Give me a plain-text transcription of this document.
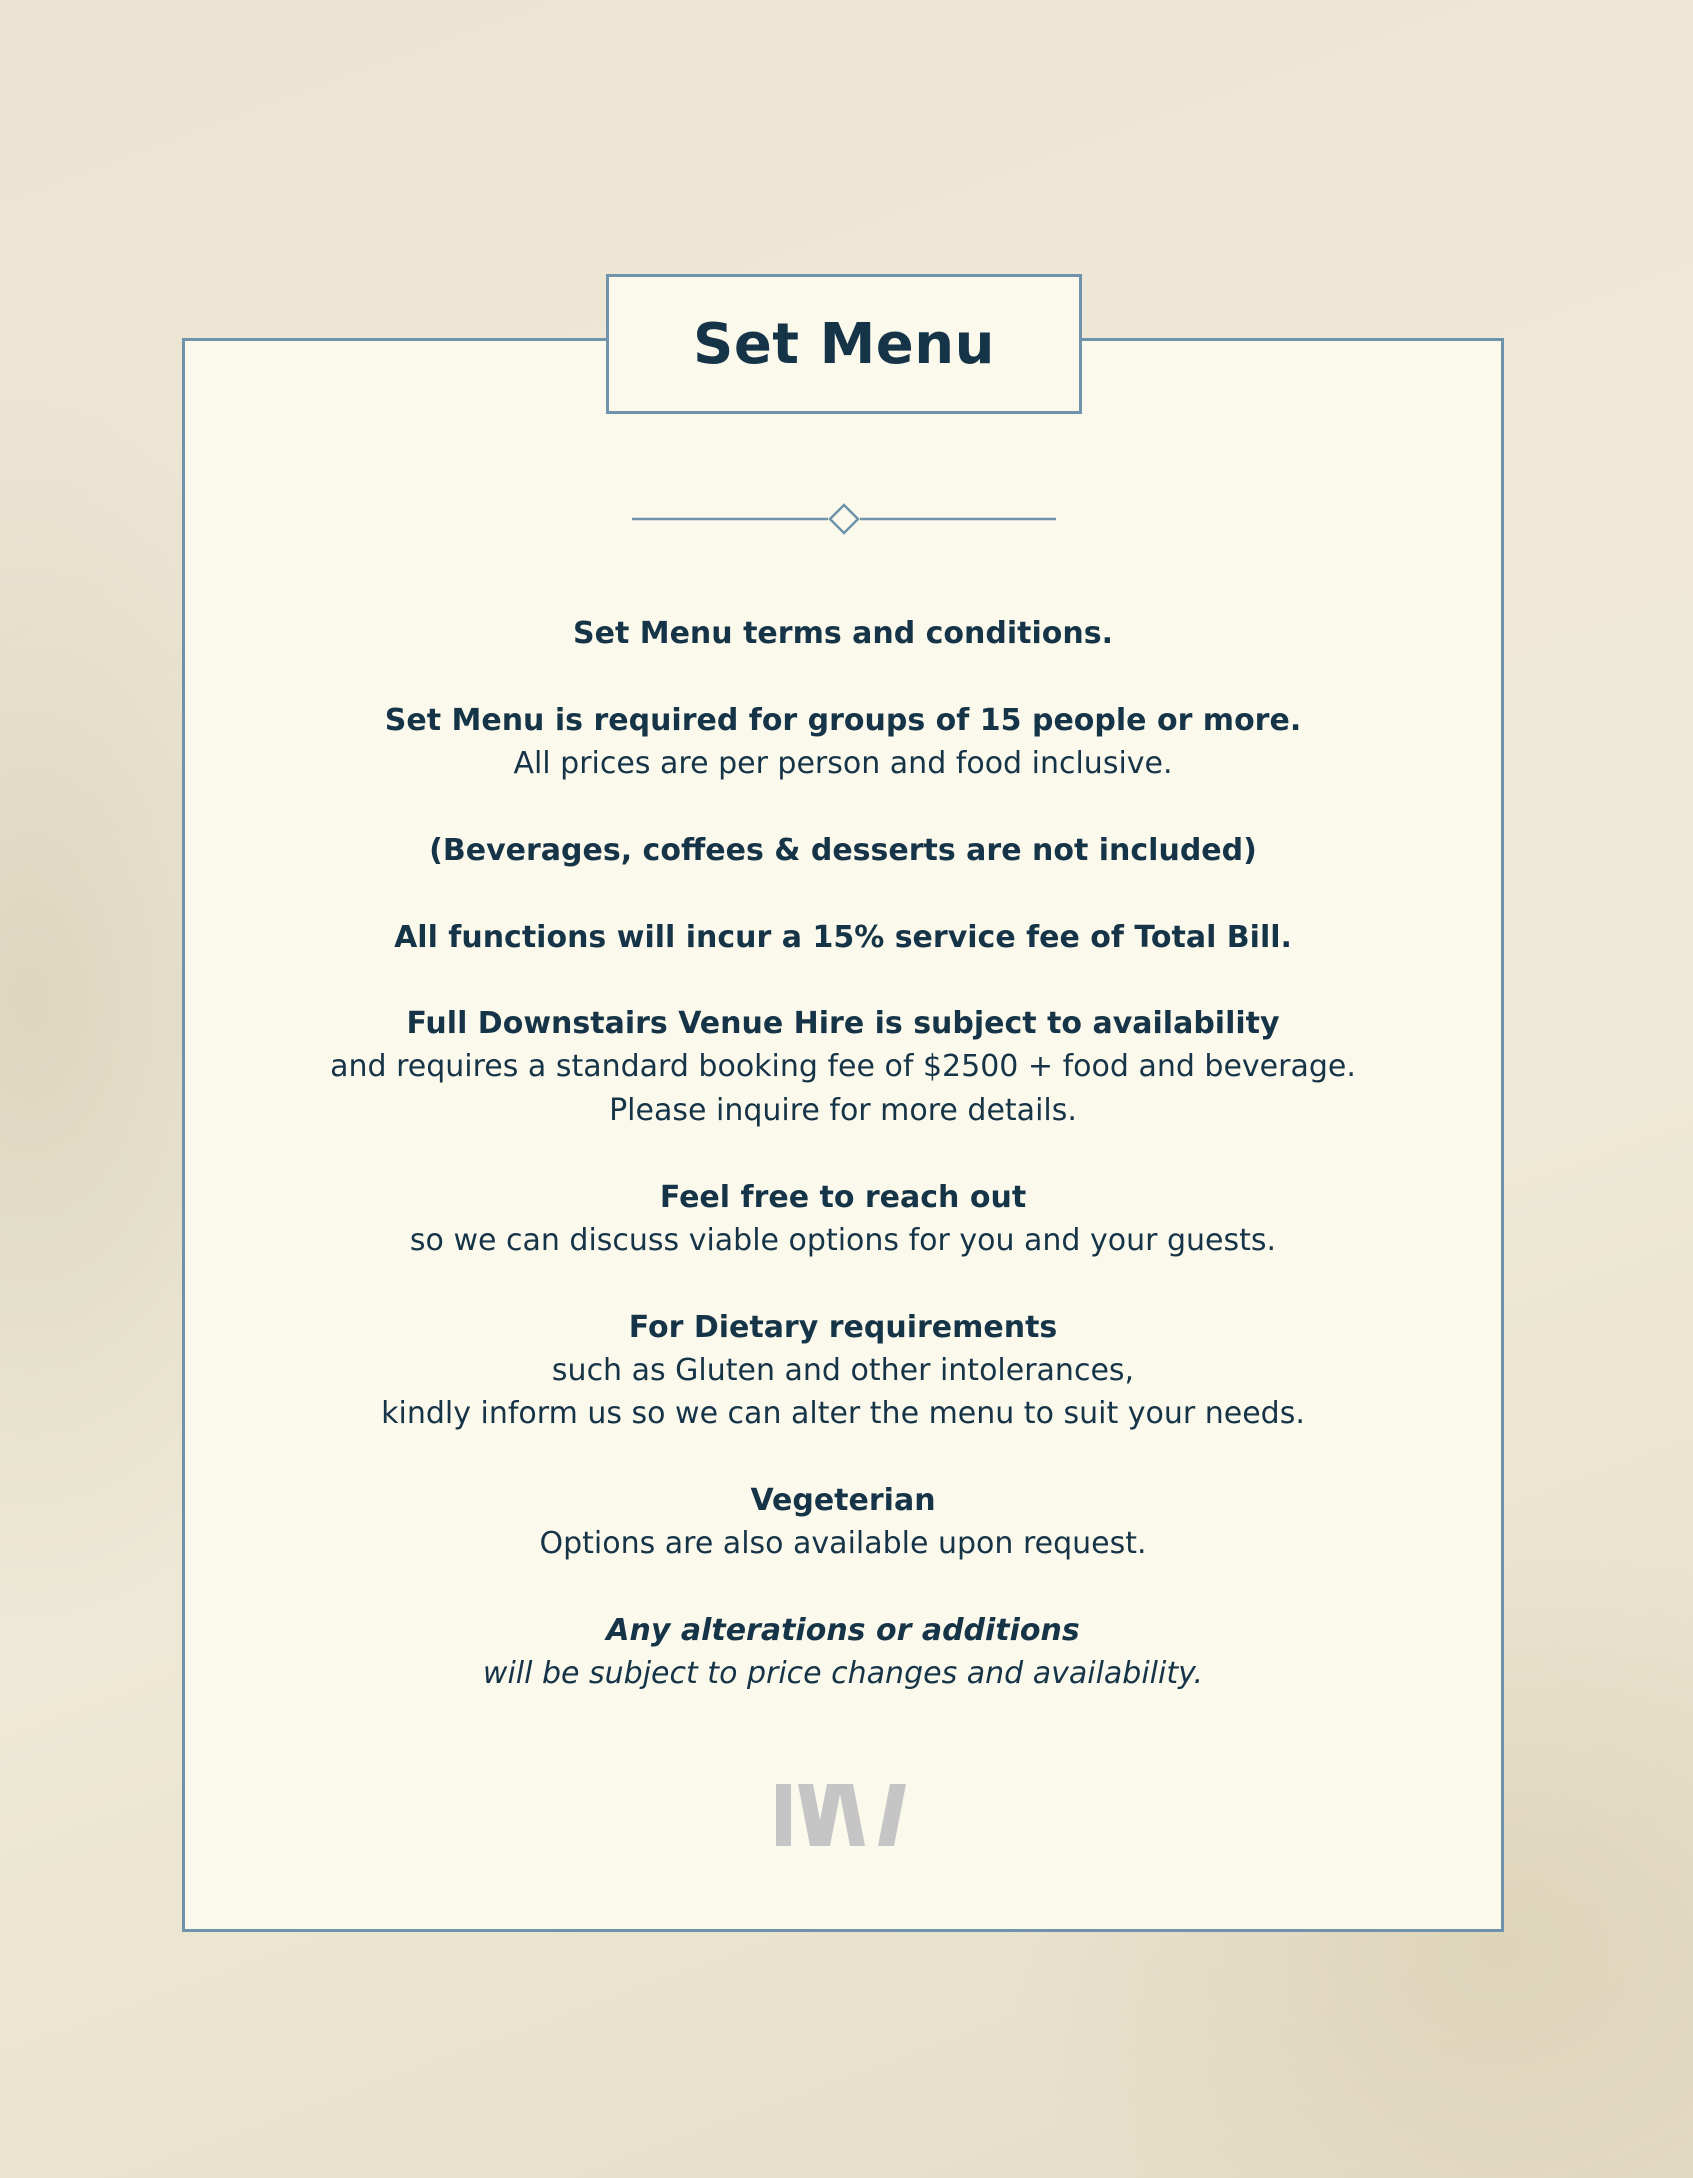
Set Menu
Set Menu terms and conditions.
Set Menu is required for groups of 15 people or more.
All prices are per person and food inclusive.
(Beverages, coffees & desserts are not included)
All functions will incur a 15% service fee of Total Bill.
Full Downstairs Venue Hire is subject to availability
and requires a standard booking fee of $2500 + food and beverage.
Please inquire for more details.
Feel free to reach out
so we can discuss viable options for you and your guests.
For Dietary requirements
such as Gluten and other intolerances,
kindly inform us so we can alter the menu to suit your needs.
Vegeterian
Options are also available upon request.
Any alterations or additions
will be subject to price changes and availability.
